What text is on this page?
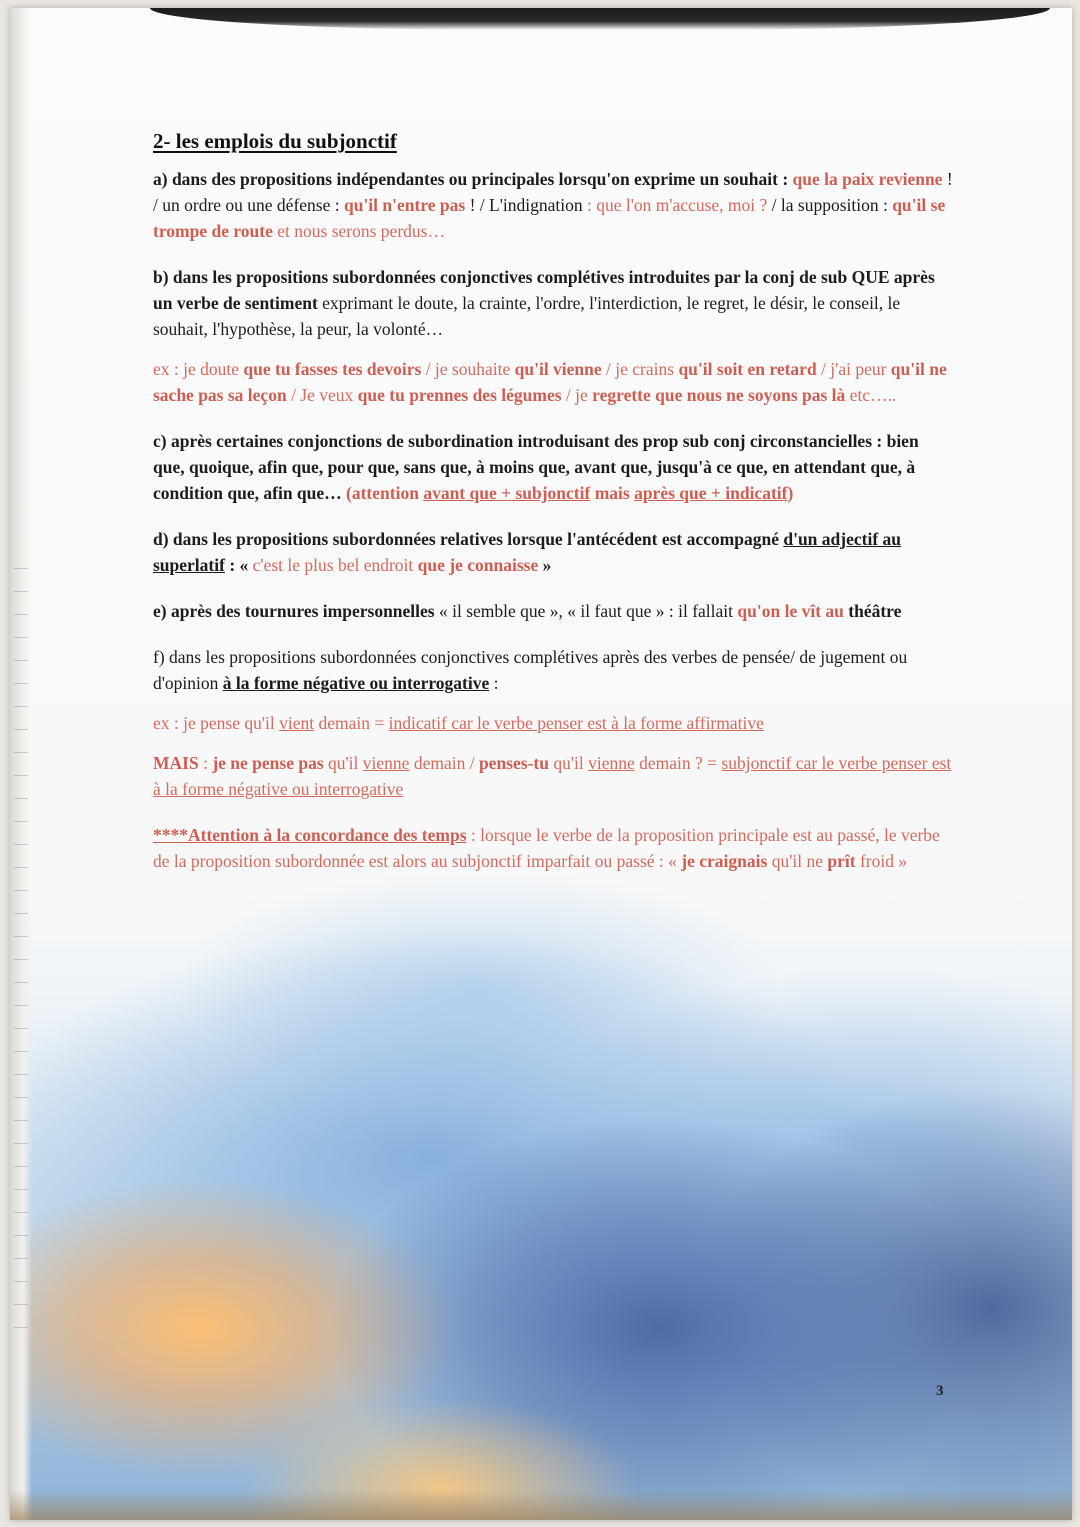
2- les emplois du subjonctif

a) dans des propositions indépendantes ou principales lorsqu'on exprime un souhait : que la paix revienne ! / un ordre ou une défense : qu'il n'entre pas ! / L'indignation : que l'on m'accuse, moi ? / la supposition : qu'il se trompe de route et nous serons perdus…

b) dans les propositions subordonnées conjonctives complétives introduites par la conj de sub QUE après un verbe de sentiment exprimant le doute, la crainte, l'ordre, l'interdiction, le regret, le désir, le conseil, le souhait, l'hypothèse, la peur, la volonté…

ex : je doute que tu fasses tes devoirs / je souhaite qu'il vienne / je crains qu'il soit en retard / j'ai peur qu'il ne sache pas sa leçon / Je veux que tu prennes des légumes / je regrette que nous ne soyons pas là etc…..

c) après certaines conjonctions de subordination introduisant des prop sub conj circonstancielles : bien que, quoique, afin que, pour que, sans que, à moins que, avant que, jusqu'à ce que, en attendant que, à condition que, afin que… (attention avant que + subjonctif mais après que + indicatif)

d) dans les propositions subordonnées relatives lorsque l'antécédent est accompagné d'un adjectif au superlatif : « c'est le plus bel endroit que je connaisse »

e) après des tournures impersonnelles « il semble que », « il faut que » : il fallait qu'on le vît au théâtre

f) dans les propositions subordonnées conjonctives complétives après des verbes de pensée/ de jugement ou d'opinion à la forme négative ou interrogative :

ex : je pense qu'il vient demain = indicatif car le verbe penser est à la forme affirmative

MAIS : je ne pense pas qu'il vienne demain / penses-tu qu'il vienne demain ? = subjonctif car le verbe penser est à la forme négative ou interrogative

****Attention à la concordance des temps : lorsque le verbe de la proposition principale est au passé, le verbe de la proposition subordonnée est alors au subjonctif imparfait ou passé : « je craignais qu'il ne prît froid »

3
